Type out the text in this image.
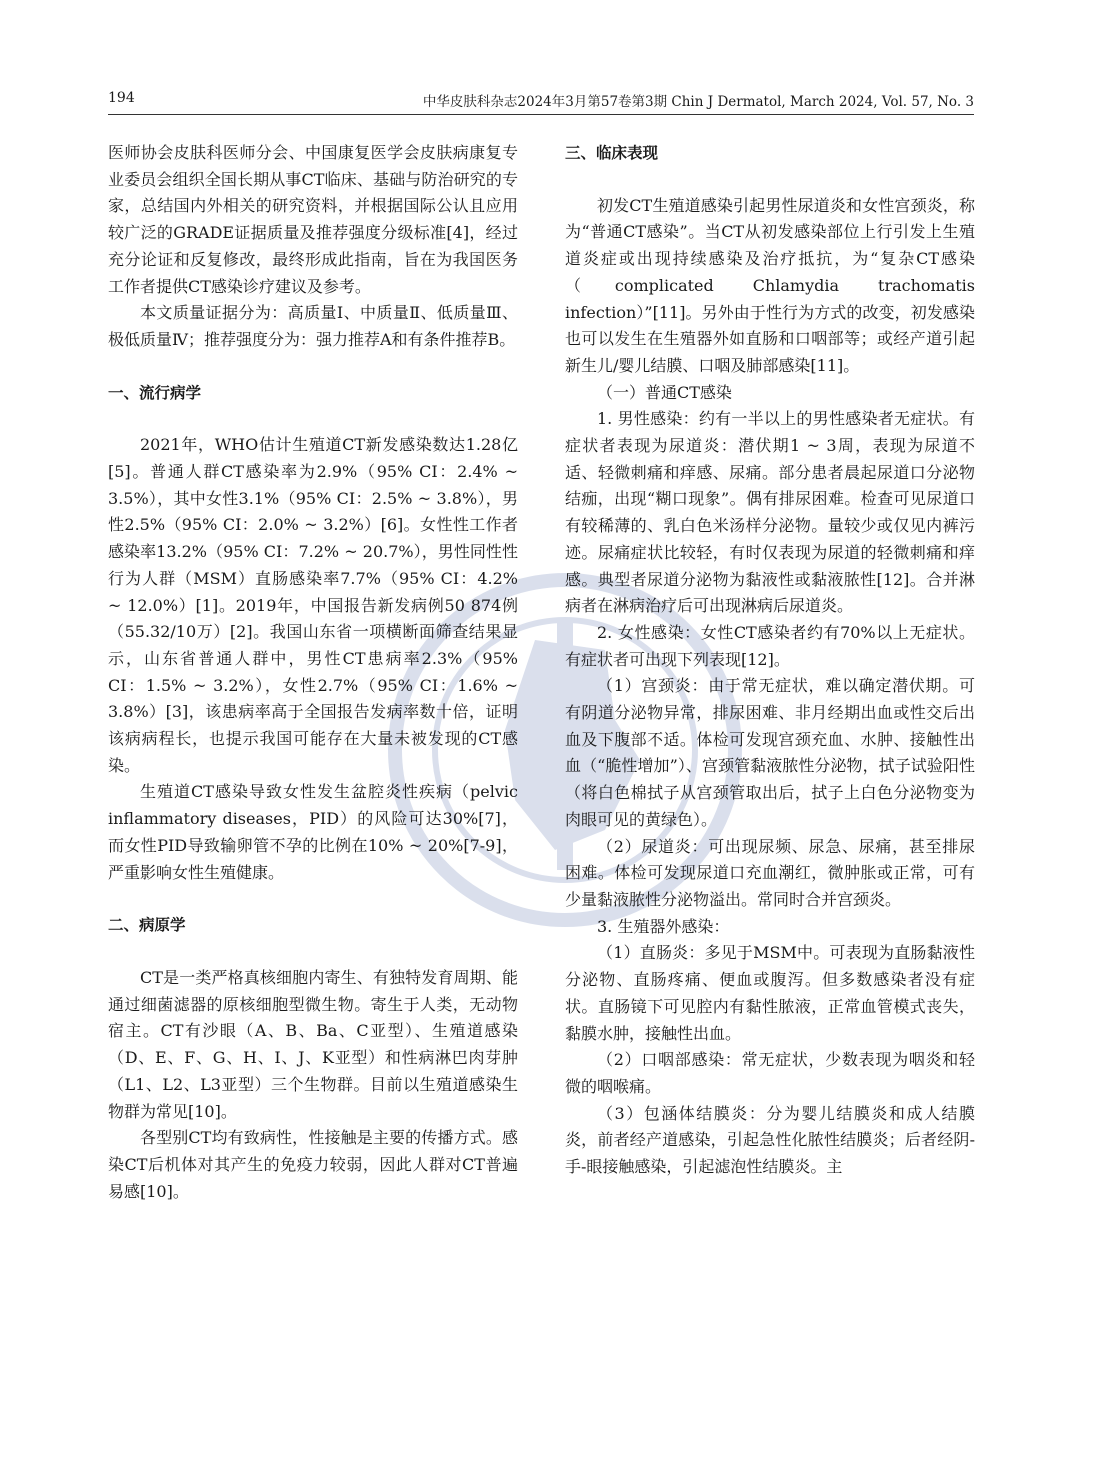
194	中华皮肤科杂志2024年3月第57卷第3期 Chin J Dermatol, March 2024, Vol. 57, No. 3

医师协会皮肤科医师分会、中国康复医学会皮肤病康复专业委员会组织全国长期从事CT临床、基础与防治研究的专家，总结国内外相关的研究资料，并根据国际公认且应用较广泛的GRADE证据质量及推荐强度分级标准[4]，经过充分论证和反复修改，最终形成此指南，旨在为我国医务工作者提供CT感染诊疗建议及参考。

本文质量证据分为：高质量Ⅰ、中质量Ⅱ、低质量Ⅲ、极低质量Ⅳ；推荐强度分为：强力推荐A和有条件推荐B。

一、流行病学

2021年，WHO估计生殖道CT新发感染数达1.28亿[5]。普通人群CT感染率为2.9%（95% CI：2.4% ~ 3.5%），其中女性3.1%（95% CI：2.5% ~ 3.8%），男性2.5%（95% CI：2.0% ~ 3.2%）[6]。女性性工作者感染率13.2%（95% CI：7.2% ~ 20.7%），男性同性性行为人群（MSM）直肠感染率7.7%（95% CI：4.2% ~ 12.0%）[1]。2019年，中国报告新发病例50 874例（55.32/10万）[2]。我国山东省一项横断面筛查结果显示，山东省普通人群中，男性CT患病率2.3%（95% CI：1.5% ~ 3.2%），女性2.7%（95% CI：1.6% ~ 3.8%）[3]，该患病率高于全国报告发病率数十倍，证明该病病程长，也提示我国可能存在大量未被发现的CT感染。

生殖道CT感染导致女性发生盆腔炎性疾病（pelvic inflammatory diseases，PID）的风险可达30%[7]，而女性PID导致输卵管不孕的比例在10% ~ 20%[7-9]，严重影响女性生殖健康。

二、病原学

CT是一类严格真核细胞内寄生、有独特发育周期、能通过细菌滤器的原核细胞型微生物。寄生于人类，无动物宿主。CT有沙眼（A、B、Ba、C亚型）、生殖道感染（D、E、F、G、H、I、J、K亚型）和性病淋巴肉芽肿（L1、L2、L3亚型）三个生物群。目前以生殖道感染生物群为常见[10]。

各型别CT均有致病性，性接触是主要的传播方式。感染CT后机体对其产生的免疫力较弱，因此人群对CT普遍易感[10]。

三、临床表现

初发CT生殖道感染引起男性尿道炎和女性宫颈炎，称为“普通CT感染”。当CT从初发感染部位上行引发上生殖道炎症或出现持续感染及治疗抵抗，为“复杂CT感染（complicated Chlamydia trachomatis infection）”[11]。另外由于性行为方式的改变，初发感染也可以发生在生殖器外如直肠和口咽部等；或经产道引起新生儿/婴儿结膜、口咽及肺部感染[11]。

（一）普通CT感染

1. 男性感染：约有一半以上的男性感染者无症状。有症状者表现为尿道炎：潜伏期1 ~ 3周，表现为尿道不适、轻微刺痛和痒感、尿痛。部分患者晨起尿道口分泌物结痂，出现“糊口现象”。偶有排尿困难。检查可见尿道口有较稀薄的、乳白色米汤样分泌物。量较少或仅见内裤污迹。尿痛症状比较轻，有时仅表现为尿道的轻微刺痛和痒感。典型者尿道分泌物为黏液性或黏液脓性[12]。合并淋病者在淋病治疗后可出现淋病后尿道炎。

2. 女性感染：女性CT感染者约有70%以上无症状。有症状者可出现下列表现[12]。

（1）宫颈炎：由于常无症状，难以确定潜伏期。可有阴道分泌物异常，排尿困难、非月经期出血或性交后出血及下腹部不适。体检可发现宫颈充血、水肿、接触性出血（“脆性增加”）、宫颈管黏液脓性分泌物，拭子试验阳性（将白色棉拭子从宫颈管取出后，拭子上白色分泌物变为肉眼可见的黄绿色）。

（2）尿道炎：可出现尿频、尿急、尿痛，甚至排尿困难。体检可发现尿道口充血潮红，微肿胀或正常，可有少量黏液脓性分泌物溢出。常同时合并宫颈炎。

3. 生殖器外感染：

（1）直肠炎：多见于MSM中。可表现为直肠黏液性分泌物、直肠疼痛、便血或腹泻。但多数感染者没有症状。直肠镜下可见腔内有黏性脓液，正常血管模式丧失，黏膜水肿，接触性出血。

（2）口咽部感染：常无症状，少数表现为咽炎和轻微的咽喉痛。

（3）包涵体结膜炎：分为婴儿结膜炎和成人结膜炎，前者经产道感染，引起急性化脓性结膜炎；后者经阴-手-眼接触感染，引起滤泡性结膜炎。主
